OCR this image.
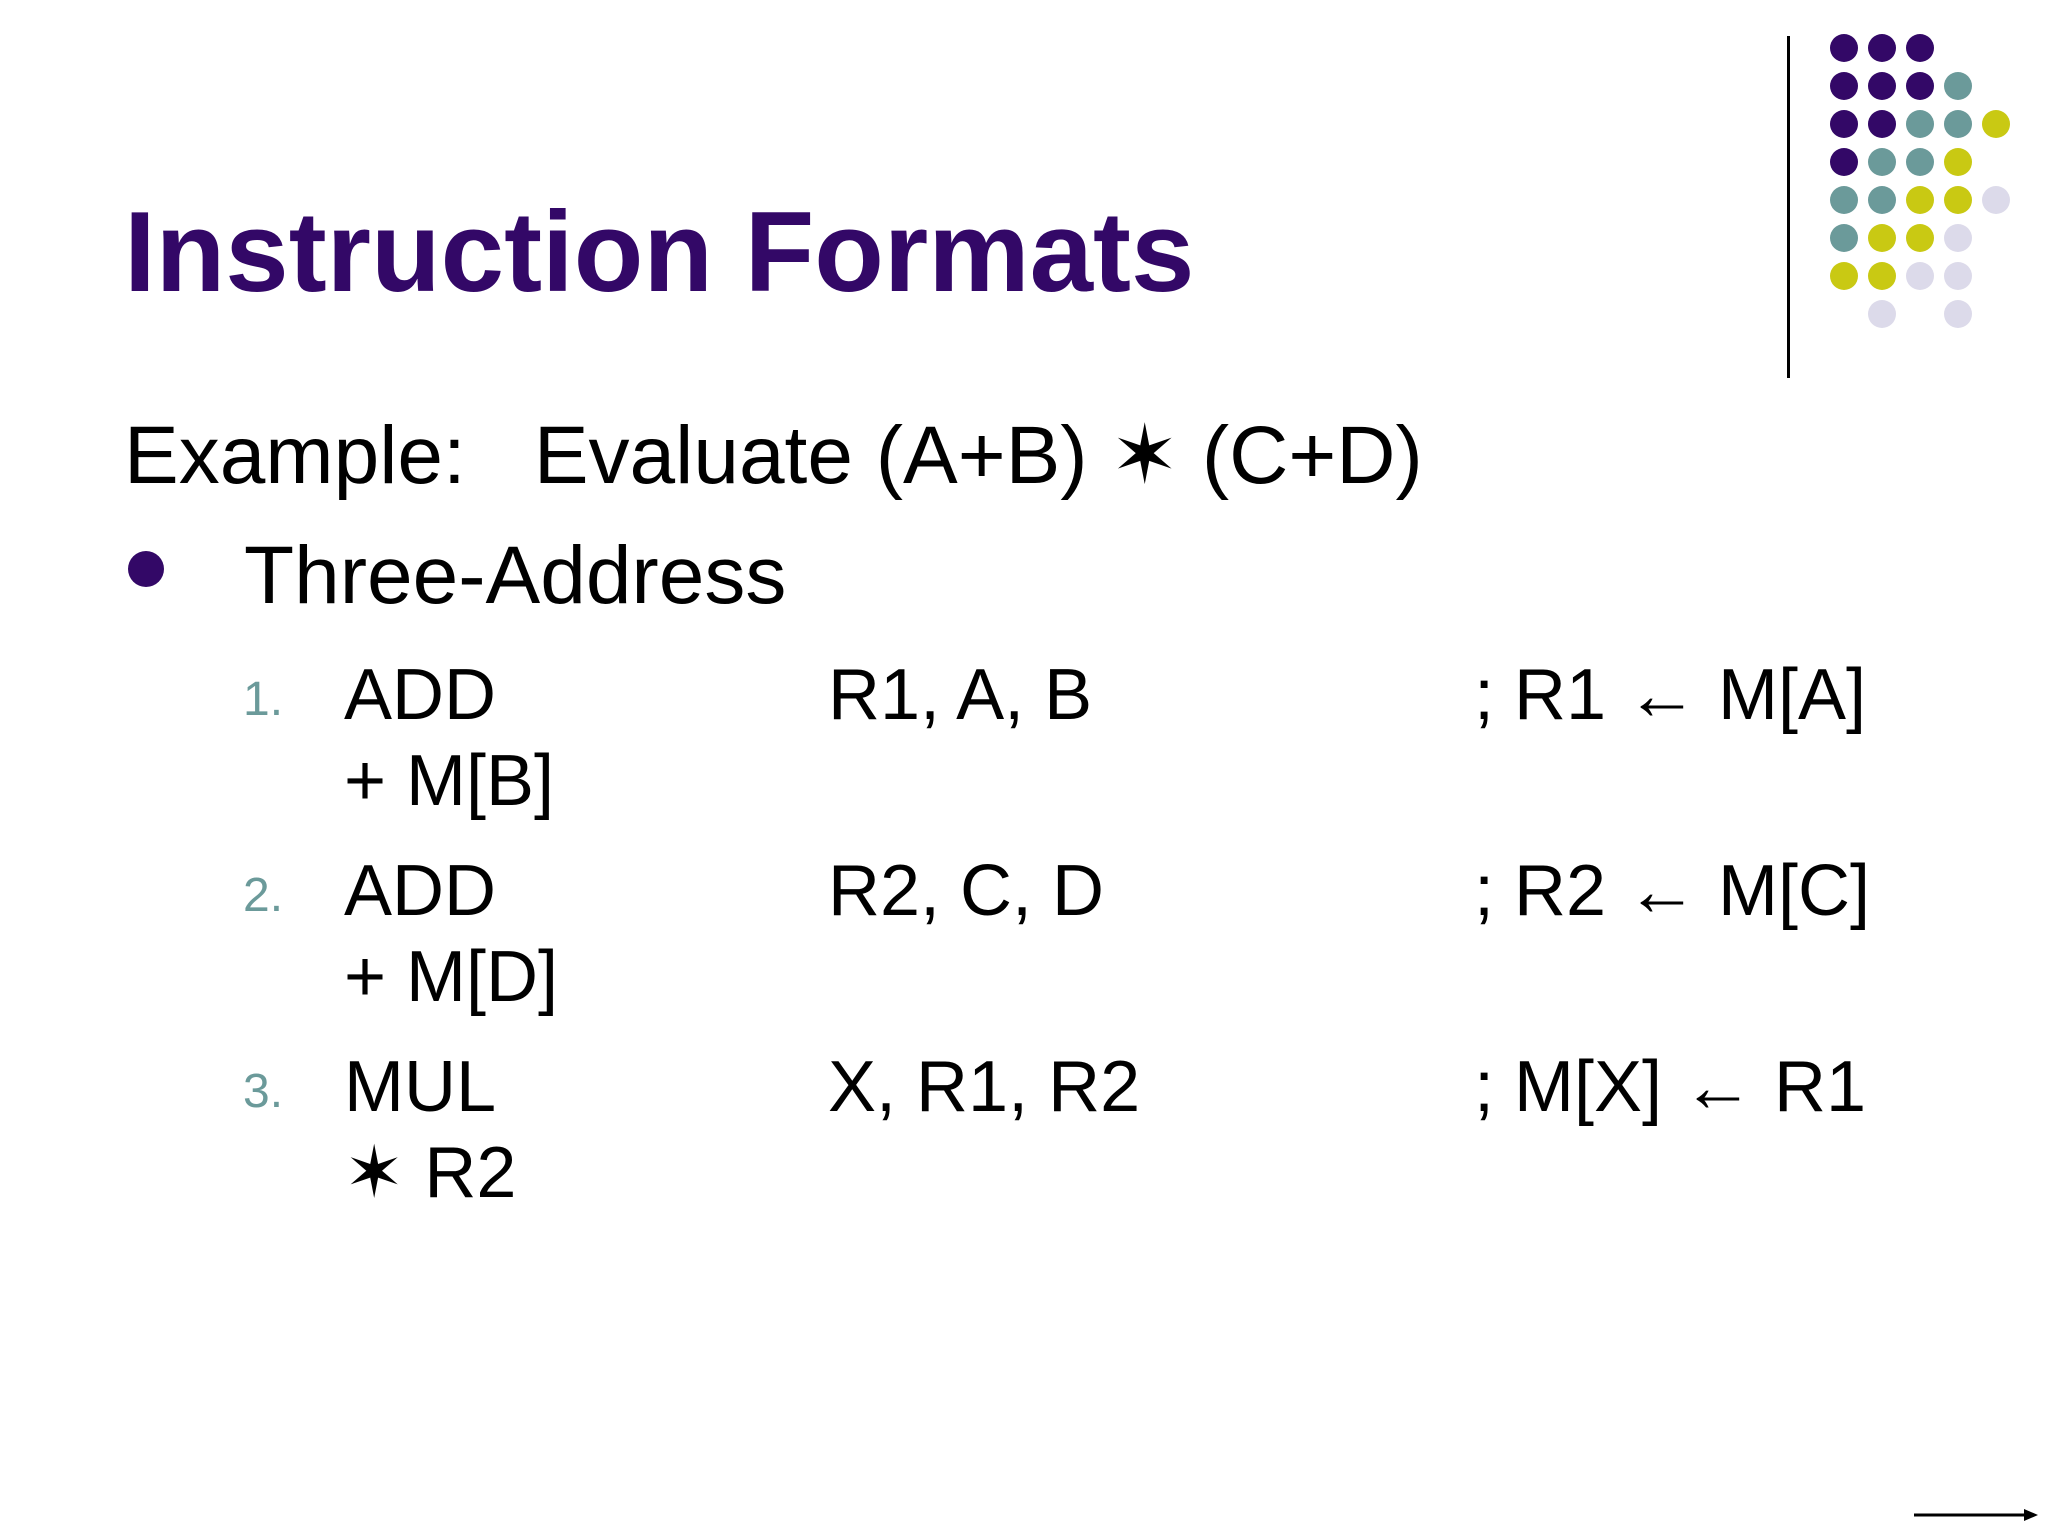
Instruction Formats
Example: Evaluate (A+B) ✶ (C+D)
Three-Address
1. ADD	R1, A, B	; R1 ← M[A]
+ M[B]
2. ADD	R2, C, D	; R2 ← M[C]
+ M[D]
3. MUL	X, R1, R2	; M[X] ← R1
✶ R2
